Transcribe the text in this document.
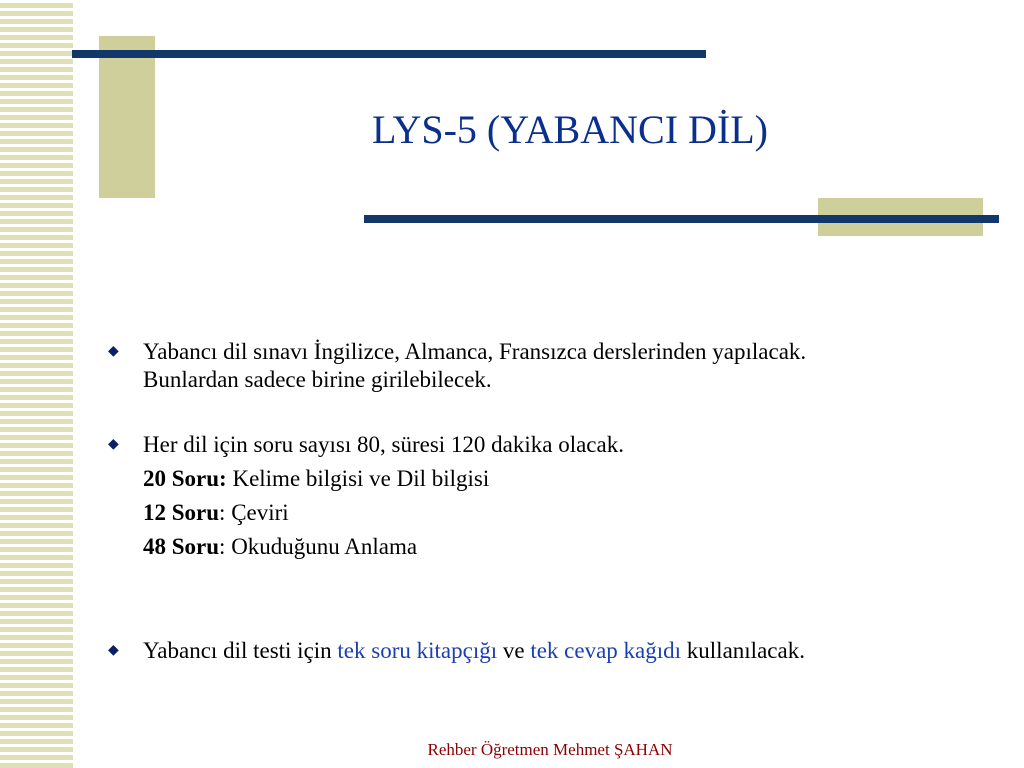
LYS-5 (YABANCI DİL)
◆ Yabancı dil sınavı İngilizce, Almanca, Fransızca derslerinden yapılacak.
Bunlardan sadece birine girilebilecek.
◆ Her dil için soru sayısı 80, süresi 120 dakika olacak.
20 Soru: Kelime bilgisi ve Dil bilgisi
12 Soru: Çeviri
48 Soru: Okuduğunu Anlama
◆ Yabancı dil testi için tek soru kitapçığı ve tek cevap kağıdı kullanılacak.
Rehber Öğretmen Mehmet ŞAHAN
